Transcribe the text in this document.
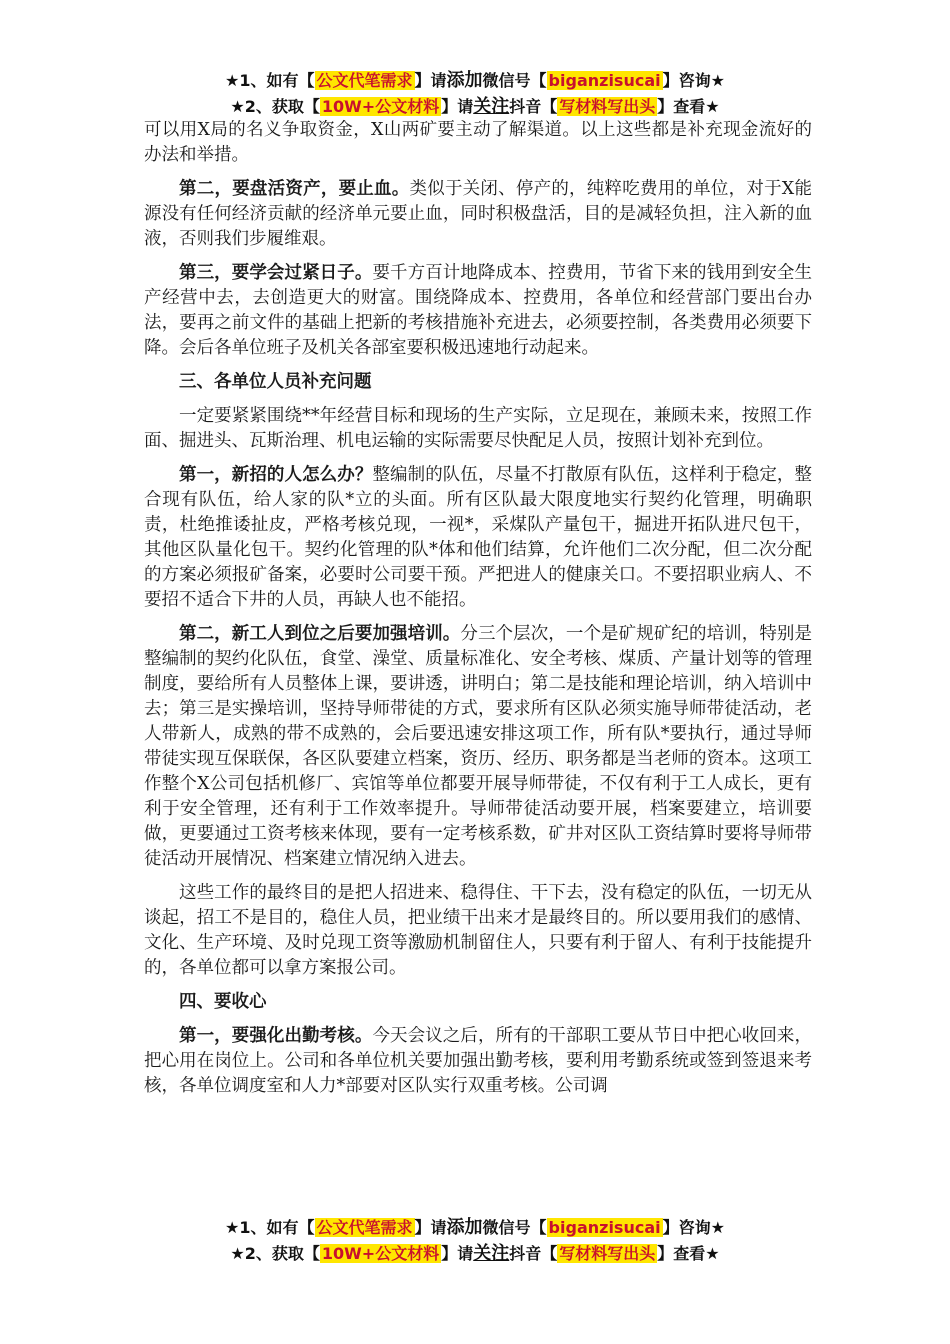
★1、如有【 公文代笔需求 】请添加微信号【 biganzisucai 】咨询★
★2、获取【 10W+公文材料 】请关注抖音【 写材料写出头 】查看★

可以用X局的名义争取资金，X山两矿要主动了解渠道。以上这些都是补充现金流好的办法和举措。

第二，要盘活资产，要止血。类似于关闭、停产的，纯粹吃费用的单位，对于X能源没有任何经济贡献的经济单元要止血，同时积极盘活，目的是减轻负担，注入新的血液，否则我们步履维艰。

第三，要学会过紧日子。要千方百计地降成本、控费用，节省下来的钱用到安全生产经营中去，去创造更大的财富。围绕降成本、控费用，各单位和经营部门要出台办法，要再之前文件的基础上把新的考核措施补充进去，必须要控制，各类费用必须要下降。会后各单位班子及机关各部室要积极迅速地行动起来。

三、各单位人员补充问题

一定要紧紧围绕**年经营目标和现场的生产实际，立足现在，兼顾未来，按照工作面、掘进头、瓦斯治理、机电运输的实际需要尽快配足人员，按照计划补充到位。

第一，新招的人怎么办？整编制的队伍，尽量不打散原有队伍，这样利于稳定，整合现有队伍，给人家的队*立的头面。所有区队最大限度地实行契约化管理，明确职责，杜绝推诿扯皮，严格考核兑现，一视*，采煤队产量包干，掘进开拓队进尺包干，其他区队量化包干。契约化管理的队*体和他们结算，允许他们二次分配，但二次分配的方案必须报矿备案，必要时公司要干预。严把进人的健康关口。不要招职业病人、不要招不适合下井的人员，再缺人也不能招。

第二，新工人到位之后要加强培训。分三个层次，一个是矿规矿纪的培训，特别是整编制的契约化队伍，食堂、澡堂、质量标准化、安全考核、煤质、产量计划等的管理制度，要给所有人员整体上课，要讲透，讲明白；第二是技能和理论培训，纳入培训中去；第三是实操培训，坚持导师带徒的方式，要求所有区队必须实施导师带徒活动，老人带新人，成熟的带不成熟的，会后要迅速安排这项工作，所有队*要执行，通过导师带徒实现互保联保，各区队要建立档案，资历、经历、职务都是当老师的资本。这项工作整个X公司包括机修厂、宾馆等单位都要开展导师带徒，不仅有利于工人成长，更有利于安全管理，还有利于工作效率提升。导师带徒活动要开展，档案要建立，培训要做，更要通过工资考核来体现，要有一定考核系数，矿井对区队工资结算时要将导师带徒活动开展情况、档案建立情况纳入进去。

这些工作的最终目的是把人招进来、稳得住、干下去，没有稳定的队伍，一切无从谈起，招工不是目的，稳住人员，把业绩干出来才是最终目的。所以要用我们的感情、文化、生产环境、及时兑现工资等激励机制留住人，只要有利于留人、有利于技能提升的，各单位都可以拿方案报公司。

四、要收心

第一，要强化出勤考核。今天会议之后，所有的干部职工要从节日中把心收回来，把心用在岗位上。公司和各单位机关要加强出勤考核，要利用考勤系统或签到签退来考核，各单位调度室和人力*部要对区队实行双重考核。公司调

★1、如有【 公文代笔需求 】请添加微信号【 biganzisucai 】咨询★
★2、获取【 10W+公文材料 】请关注抖音【 写材料写出头 】查看★
